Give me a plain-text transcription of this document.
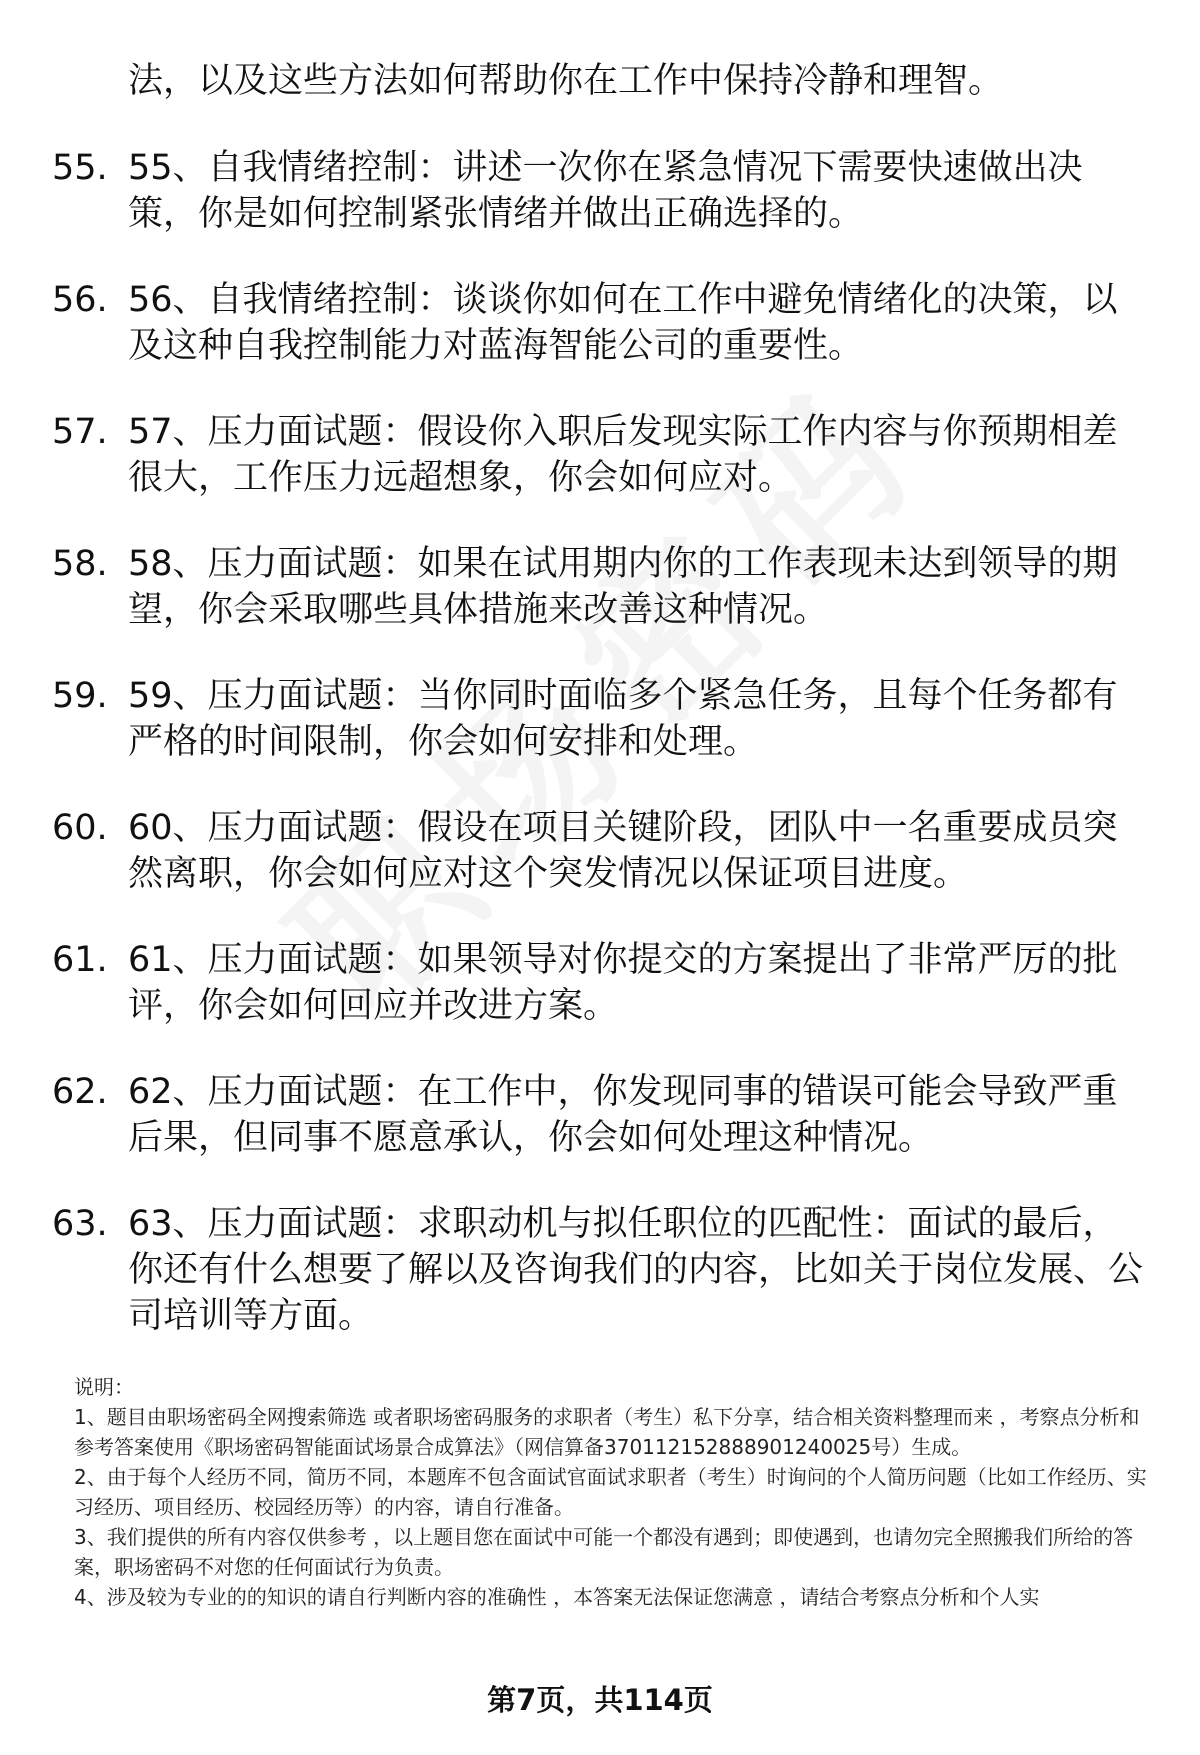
法，以及这些方法如何帮助你在工作中保持冷静和理智。

55. 55、自我情绪控制：讲述一次你在紧急情况下需要快速做出决策，你是如何控制紧张情绪并做出正确选择的。
56. 56、自我情绪控制：谈谈你如何在工作中避免情绪化的决策，以及这种自我控制能力对蓝海智能公司的重要性。
57. 57、压力面试题：假设你入职后发现实际工作内容与你预期相差很大，工作压力远超想象，你会如何应对。
58. 58、压力面试题：如果在试用期内你的工作表现未达到领导的期望，你会采取哪些具体措施来改善这种情况。
59. 59、压力面试题：当你同时面临多个紧急任务，且每个任务都有严格的时间限制，你会如何安排和处理。
60. 60、压力面试题：假设在项目关键阶段，团队中一名重要成员突然离职，你会如何应对这个突发情况以保证项目进度。
61. 61、压力面试题：如果领导对你提交的方案提出了非常严厉的批评，你会如何回应并改进方案。
62. 62、压力面试题：在工作中，你发现同事的错误可能会导致严重后果，但同事不愿意承认，你会如何处理这种情况。
63. 63、压力面试题：求职动机与拟任职位的匹配性：面试的最后，你还有什么想要了解以及咨询我们的内容，比如关于岗位发展、公司培训等方面。

说明：

1、题目由职场密码全网搜索筛选 或者职场密码服务的求职者（考生）私下分享，结合相关资料整理而来 ，考察点分析和参考答案使用《职场密码智能面试场景合成算法》（网信算备370112152888901240025号）生成。

2、由于每个人经历不同，简历不同，本题库不包含面试官面试求职者（考生）时询问的个人简历问题（比如工作经历、实习经历、项目经历、校园经历等）的内容，请自行准备。

3、我们提供的所有内容仅供参考 ，以上题目您在面试中可能一个都没有遇到；即使遇到，也请勿完全照搬我们所给的答案，职场密码不对您的任何面试行为负责。

4、涉及较为专业的的知识的请自行判断内容的准确性 ，本答案无法保证您满意 ，请结合考察点分析和个人实

第7页，共114页
